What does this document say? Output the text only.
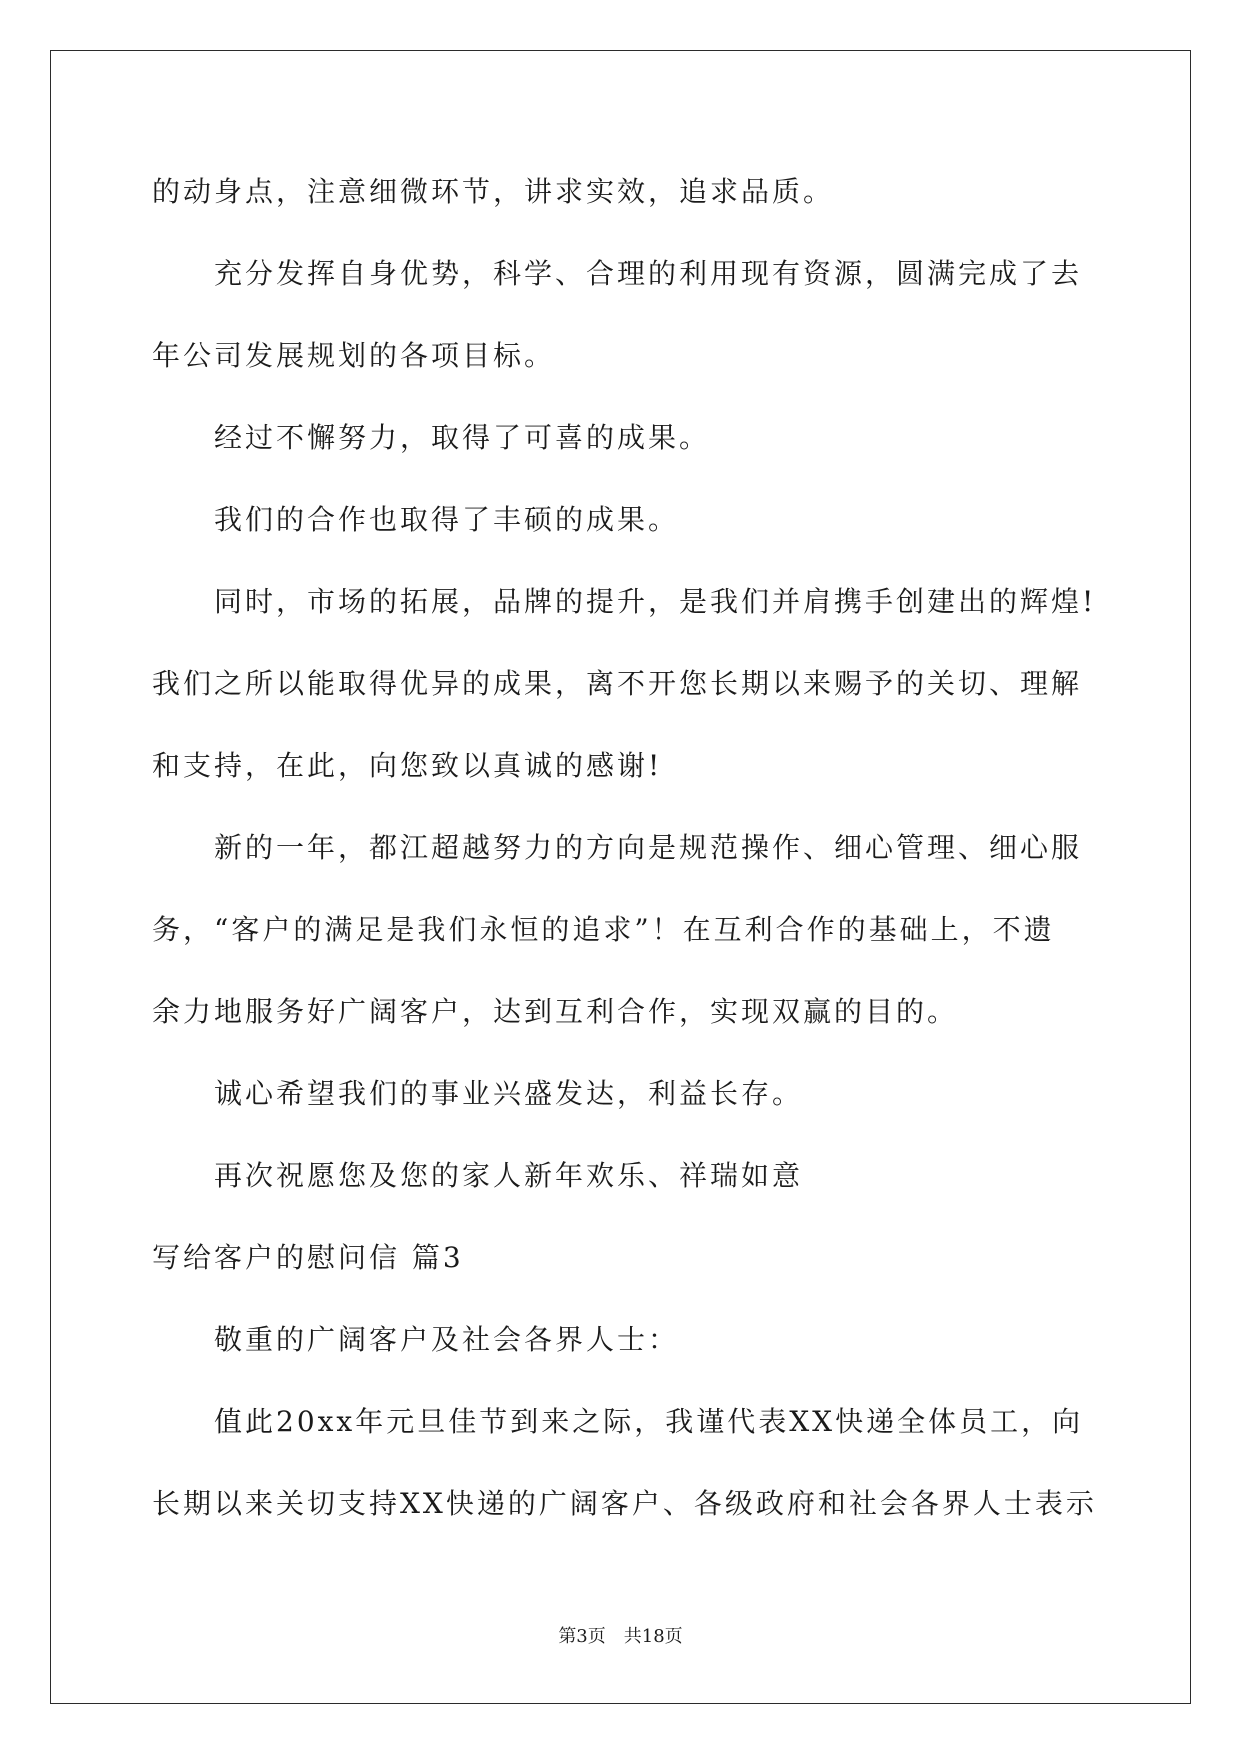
的动身点，注意细微环节，讲求实效，追求品质。
充分发挥自身优势，科学、合理的利用现有资源，圆满完成了去
年公司发展规划的各项目标。
经过不懈努力，取得了可喜的成果。
我们的合作也取得了丰硕的成果。
同时，市场的拓展，品牌的提升，是我们并肩携手创建出的辉煌!
我们之所以能取得优异的成果，离不开您长期以来赐予的关切、理解
和支持，在此，向您致以真诚的感谢!
新的一年，都江超越努力的方向是规范操作、细心管理、细心服
务，“客户的满足是我们永恒的追求”！在互利合作的基础上，不遗
余力地服务好广阔客户，达到互利合作，实现双赢的目的。
诚心希望我们的事业兴盛发达，利益长存。
再次祝愿您及您的家人新年欢乐、祥瑞如意
写给客户的慰问信 篇3
敬重的广阔客户及社会各界人士：
值此20xx年元旦佳节到来之际，我谨代表XX快递全体员工，向
长期以来关切支持XX快递的广阔客户、各级政府和社会各界人士表示
第3页　共18页
